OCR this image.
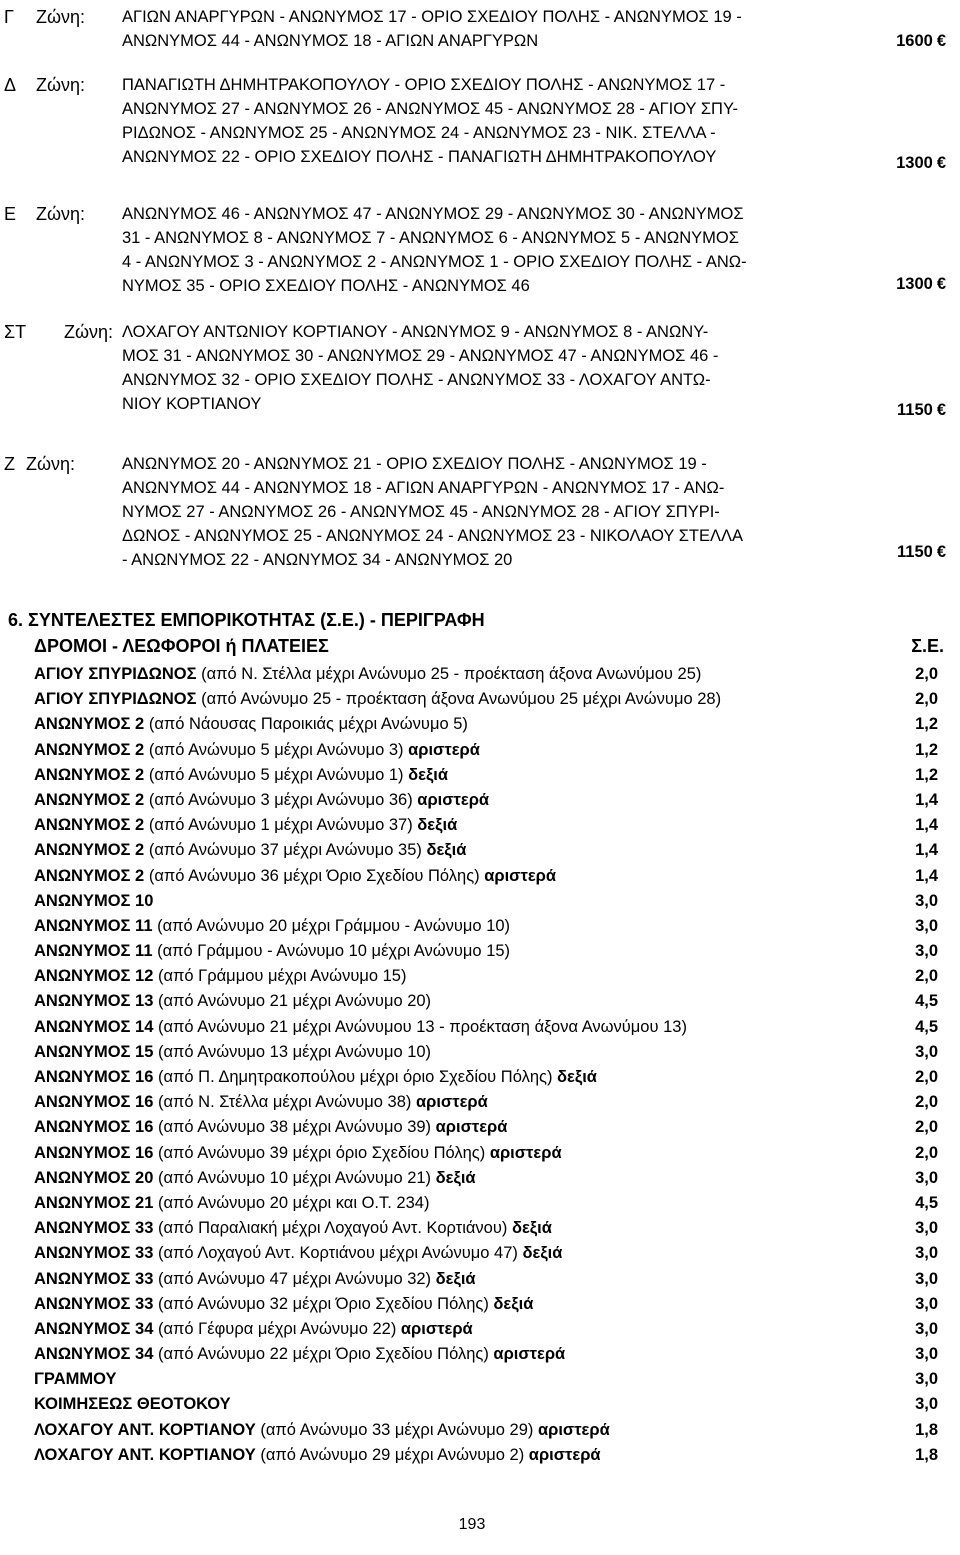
Γ Ζώνη: ΑΓΙΩΝ ΑΝΑΡΓΥΡΩΝ - ΑΝΩΝΥΜΟΣ 17 - ΟΡΙΟ ΣΧΕΔΙΟΥ ΠΟΛΗΣ - ΑΝΩΝΥΜΟΣ 19 -
ΑΝΩΝΥΜΟΣ 44 - ΑΝΩΝΥΜΟΣ 18 - ΑΓΙΩΝ ΑΝΑΡΓΥΡΩΝ	1600 €
Δ Ζώνη: ΠΑΝΑΓΙΩΤΗ ΔΗΜΗΤΡΑΚΟΠΟΥΛΟΥ - ΟΡΙΟ ΣΧΕΔΙΟΥ ΠΟΛΗΣ - ΑΝΩΝΥΜΟΣ 17 -
ΑΝΩΝΥΜΟΣ 27 - ΑΝΩΝΥΜΟΣ 26 - ΑΝΩΝΥΜΟΣ 45 - ΑΝΩΝΥΜΟΣ 28 - ΑΓΙΟΥ ΣΠΥ-
ΡΙΔΩΝΟΣ - ΑΝΩΝΥΜΟΣ 25 - ΑΝΩΝΥΜΟΣ 24 - ΑΝΩΝΥΜΟΣ 23 - ΝΙΚ. ΣΤΕΛΛΑ -
ΑΝΩΝΥΜΟΣ 22 - ΟΡΙΟ ΣΧΕΔΙΟΥ ΠΟΛΗΣ - ΠΑΝΑΓΙΩΤΗ ΔΗΜΗΤΡΑΚΟΠΟΥΛΟΥ	1300 €
Ε Ζώνη: ΑΝΩΝΥΜΟΣ 46 - ΑΝΩΝΥΜΟΣ 47 - ΑΝΩΝΥΜΟΣ 29 - ΑΝΩΝΥΜΟΣ 30 - ΑΝΩΝΥΜΟΣ
31 - ΑΝΩΝΥΜΟΣ 8 - ΑΝΩΝΥΜΟΣ 7 - ΑΝΩΝΥΜΟΣ 6 - ΑΝΩΝΥΜΟΣ 5 - ΑΝΩΝΥΜΟΣ
4 - ΑΝΩΝΥΜΟΣ 3 - ΑΝΩΝΥΜΟΣ 2 - ΑΝΩΝΥΜΟΣ 1 - ΟΡΙΟ ΣΧΕΔΙΟΥ ΠΟΛΗΣ - ΑΝΩ-
ΝΥΜΟΣ 35 - ΟΡΙΟ ΣΧΕΔΙΟΥ ΠΟΛΗΣ - ΑΝΩΝΥΜΟΣ 46	1300 €
ΣΤ Ζώνη: ΛΟΧΑΓΟΥ ΑΝΤΩΝΙΟΥ ΚΟΡΤΙΑΝΟΥ - ΑΝΩΝΥΜΟΣ 9 - ΑΝΩΝΥΜΟΣ 8 - ΑΝΩΝΥ-
ΜΟΣ 31 - ΑΝΩΝΥΜΟΣ 30 - ΑΝΩΝΥΜΟΣ 29 - ΑΝΩΝΥΜΟΣ 47 - ΑΝΩΝΥΜΟΣ 46 -
ΑΝΩΝΥΜΟΣ 32 - ΟΡΙΟ ΣΧΕΔΙΟΥ ΠΟΛΗΣ - ΑΝΩΝΥΜΟΣ 33 - ΛΟΧΑΓΟΥ ΑΝΤΩ-
ΝΙΟΥ ΚΟΡΤΙΑΝΟΥ	1150 €
Ζ Ζώνη:	ΑΝΩΝΥΜΟΣ 20 - ΑΝΩΝΥΜΟΣ 21 - ΟΡΙΟ ΣΧΕΔΙΟΥ ΠΟΛΗΣ - ΑΝΩΝΥΜΟΣ 19 -
ΑΝΩΝΥΜΟΣ 44 - ΑΝΩΝΥΜΟΣ 18 - ΑΓΙΩΝ ΑΝΑΡΓΥΡΩΝ - ΑΝΩΝΥΜΟΣ 17 - ΑΝΩ-
ΝΥΜΟΣ 27 - ΑΝΩΝΥΜΟΣ 26 - ΑΝΩΝΥΜΟΣ 45 - ΑΝΩΝΥΜΟΣ 28 - ΑΓΙΟΥ ΣΠΥΡΙ-
ΔΩΝΟΣ - ΑΝΩΝΥΜΟΣ 25 - ΑΝΩΝΥΜΟΣ 24 - ΑΝΩΝΥΜΟΣ 23 - ΝΙΚΟΛΑΟΥ ΣΤΕΛΛΑ
- ΑΝΩΝΥΜΟΣ 22 - ΑΝΩΝΥΜΟΣ 34 - ΑΝΩΝΥΜΟΣ 20	1150 €
6. ΣΥΝΤΕΛΕΣΤΕΣ ΕΜΠΟΡΙΚΟΤΗΤΑΣ (Σ.Ε.) - ΠΕΡΙΓΡΑΦΗ
ΔΡΟΜΟΙ - ΛΕΩΦΟΡΟΙ ή ΠΛΑΤΕΙΕΣ	Σ.Ε.
ΑΓΙΟΥ ΣΠΥΡΙΔΩΝΟΣ (από Ν. Στέλλα μέχρι Ανώνυμο 25 - προέκταση άξονα Ανωνύμου 25)	2,0
ΑΓΙΟΥ ΣΠΥΡΙΔΩΝΟΣ (από Ανώνυμο 25 - προέκταση άξονα Ανωνύμου 25 μέχρι Ανώνυμο 28)	2,0
ΑΝΩΝΥΜΟΣ 2 (από Νάουσας Παροικιάς μέχρι Ανώνυμο 5)	1,2
ΑΝΩΝΥΜΟΣ 2 (από Ανώνυμο 5 μέχρι Ανώνυμο 3) αριστερά	1,2
ΑΝΩΝΥΜΟΣ 2 (από Ανώνυμο 5 μέχρι Ανώνυμο 1) δεξιά	1,2
ΑΝΩΝΥΜΟΣ 2 (από Ανώνυμο 3 μέχρι Ανώνυμο 36) αριστερά	1,4
ΑΝΩΝΥΜΟΣ 2 (από Ανώνυμο 1 μέχρι Ανώνυμο 37) δεξιά	1,4
ΑΝΩΝΥΜΟΣ 2 (από Ανώνυμο 37 μέχρι Ανώνυμο 35) δεξιά	1,4
ΑΝΩΝΥΜΟΣ 2 (από Ανώνυμο 36 μέχρι Όριο Σχεδίου Πόλης) αριστερά	1,4
ΑΝΩΝΥΜΟΣ 10	3,0
ΑΝΩΝΥΜΟΣ 11 (από Ανώνυμο 20 μέχρι Γράμμου - Ανώνυμο 10)	3,0
ΑΝΩΝΥΜΟΣ 11 (από Γράμμου - Ανώνυμο 10 μέχρι Ανώνυμο 15)	3,0
ΑΝΩΝΥΜΟΣ 12 (από Γράμμου μέχρι Ανώνυμο 15)	2,0
ΑΝΩΝΥΜΟΣ 13 (από Ανώνυμο 21 μέχρι Ανώνυμο 20)	4,5
ΑΝΩΝΥΜΟΣ 14 (από Ανώνυμο 21 μέχρι Ανώνυμου 13 - προέκταση άξονα Ανωνύμου 13)	4,5
ΑΝΩΝΥΜΟΣ 15 (από Ανώνυμο 13 μέχρι Ανώνυμο 10)	3,0
ΑΝΩΝΥΜΟΣ 16 (από Π. Δημητρακοπούλου μέχρι όριο Σχεδίου Πόλης) δεξιά	2,0
ΑΝΩΝΥΜΟΣ 16 (από Ν. Στέλλα μέχρι Ανώνυμο 38) αριστερά	2,0
ΑΝΩΝΥΜΟΣ 16 (από Ανώνυμο 38 μέχρι Ανώνυμο 39) αριστερά	2,0
ΑΝΩΝΥΜΟΣ 16 (από Ανώνυμο 39 μέχρι όριο Σχεδίου Πόλης) αριστερά	2,0
ΑΝΩΝΥΜΟΣ 20 (από Ανώνυμο 10 μέχρι Ανώνυμο 21) δεξιά	3,0
ΑΝΩΝΥΜΟΣ 21 (από Ανώνυμο 20 μέχρι και Ο.Τ. 234)	4,5
ΑΝΩΝΥΜΟΣ 33 (από Παραλιακή μέχρι Λοχαγού Αντ. Κορτιάνου) δεξιά	3,0
ΑΝΩΝΥΜΟΣ 33 (από Λοχαγού Αντ. Κορτιάνου μέχρι Ανώνυμο 47) δεξιά	3,0
ΑΝΩΝΥΜΟΣ 33 (από Ανώνυμο 47 μέχρι Ανώνυμο 32) δεξιά	3,0
ΑΝΩΝΥΜΟΣ 33 (από Ανώνυμο 32 μέχρι Όριο Σχεδίου Πόλης) δεξιά	3,0
ΑΝΩΝΥΜΟΣ 34 (από Γέφυρα μέχρι Ανώνυμο 22) αριστερά	3,0
ΑΝΩΝΥΜΟΣ 34 (από Ανώνυμο 22 μέχρι Όριο Σχεδίου Πόλης) αριστερά	3,0
ΓΡΑΜΜΟΥ	3,0
ΚΟΙΜΗΣΕΩΣ ΘΕΟΤΟΚΟΥ	3,0
ΛΟΧΑΓΟΥ ΑΝΤ. ΚΟΡΤΙΑΝΟΥ (από Ανώνυμο 33 μέχρι Ανώνυμο 29) αριστερά	1,8
ΛΟΧΑΓΟΥ ΑΝΤ. ΚΟΡΤΙΑΝΟΥ (από Ανώνυμο 29 μέχρι Ανώνυμο 2) αριστερά	1,8
193
